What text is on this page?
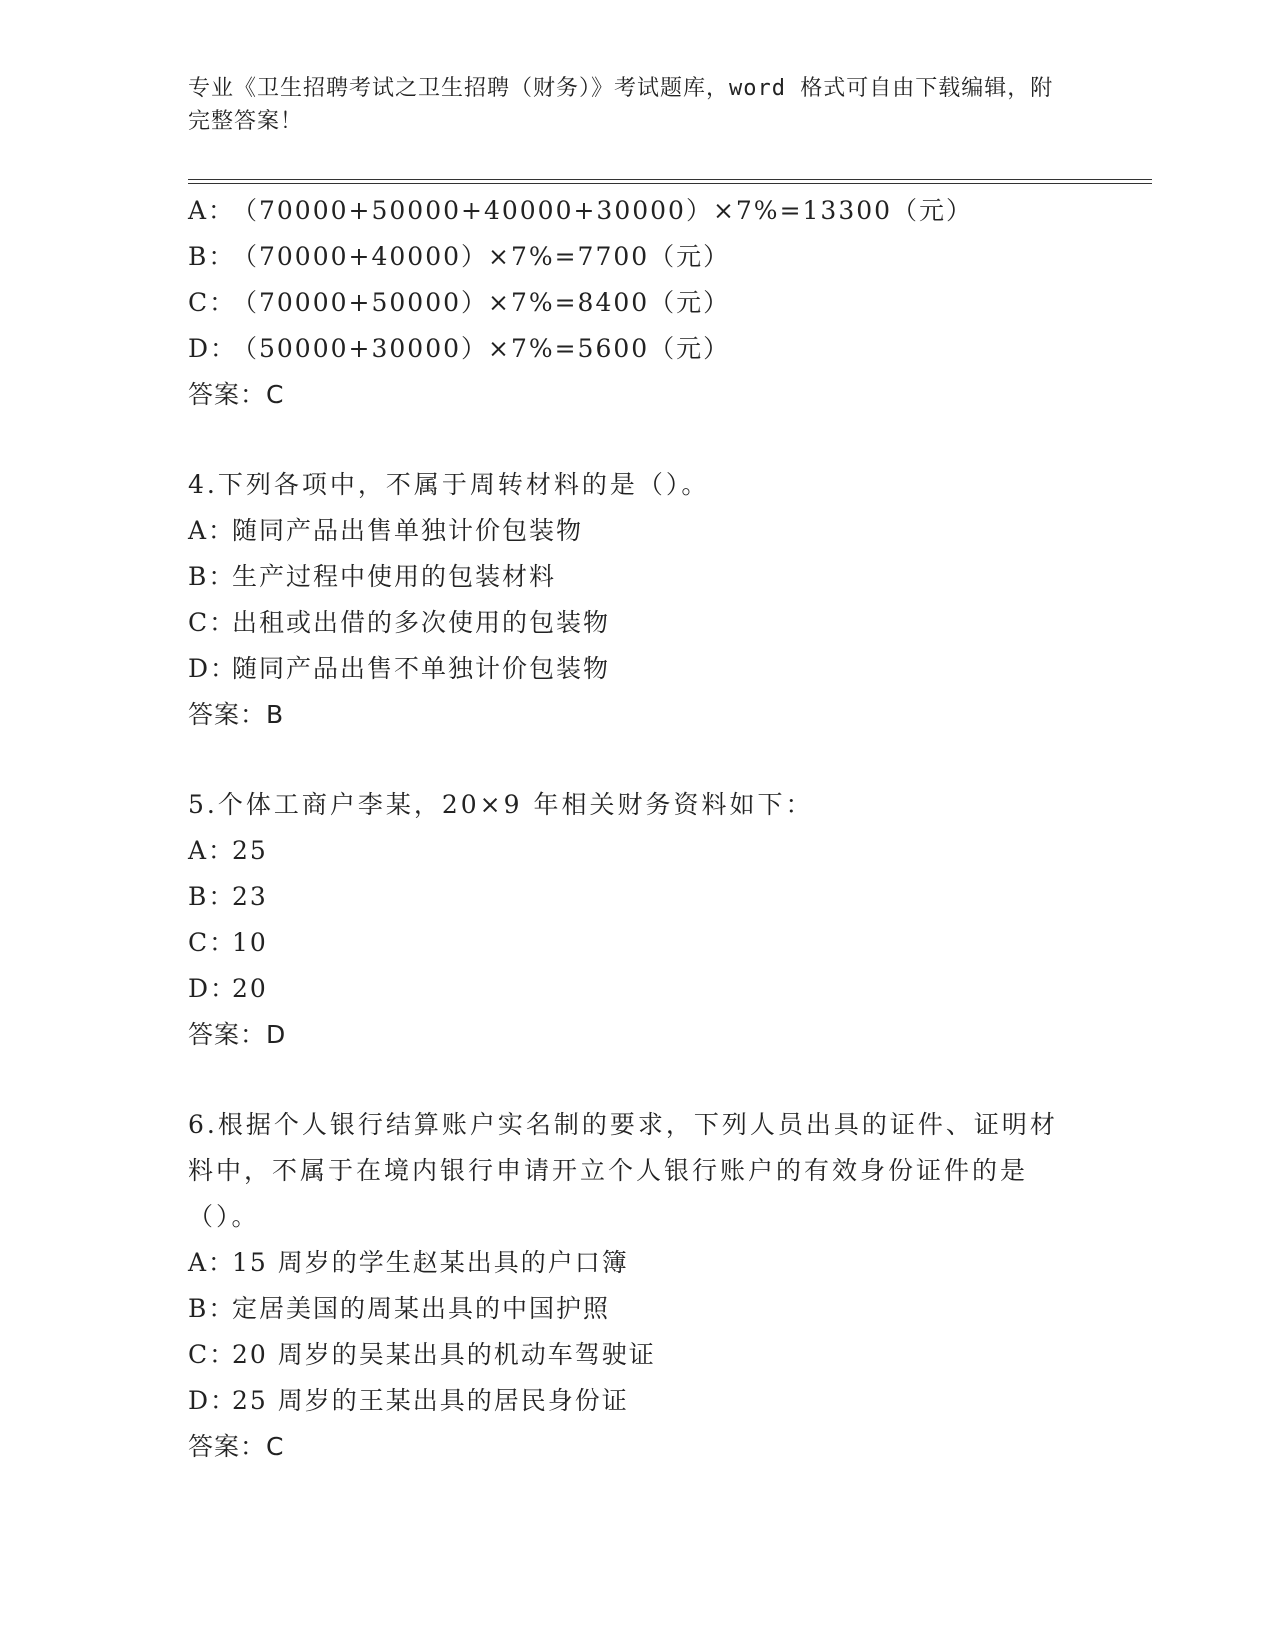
专业《卫生招聘考试之卫生招聘（财务）》考试题库，word 格式可自由下载编辑，附完整答案！
A：（70000+50000+40000+30000）×7%=13300（元）
B：（70000+40000）×7%=7700（元）
C：（70000+50000）×7%=8400（元）
D：（50000+30000）×7%=5600（元）
答案：C
4.下列各项中，不属于周转材料的是（）。
A：随同产品出售单独计价包装物
B：生产过程中使用的包装材料
C：出租或出借的多次使用的包装物
D：随同产品出售不单独计价包装物
答案：B
5.个体工商户李某，20×9 年相关财务资料如下：
A：25
B：23
C：10
D：20
答案：D
6.根据个人银行结算账户实名制的要求，下列人员出具的证件、证明材料中，不属于在境内银行申请开立个人银行账户的有效身份证件的是（）。
A：15 周岁的学生赵某出具的户口簿
B：定居美国的周某出具的中国护照
C：20 周岁的吴某出具的机动车驾驶证
D：25 周岁的王某出具的居民身份证
答案：C
